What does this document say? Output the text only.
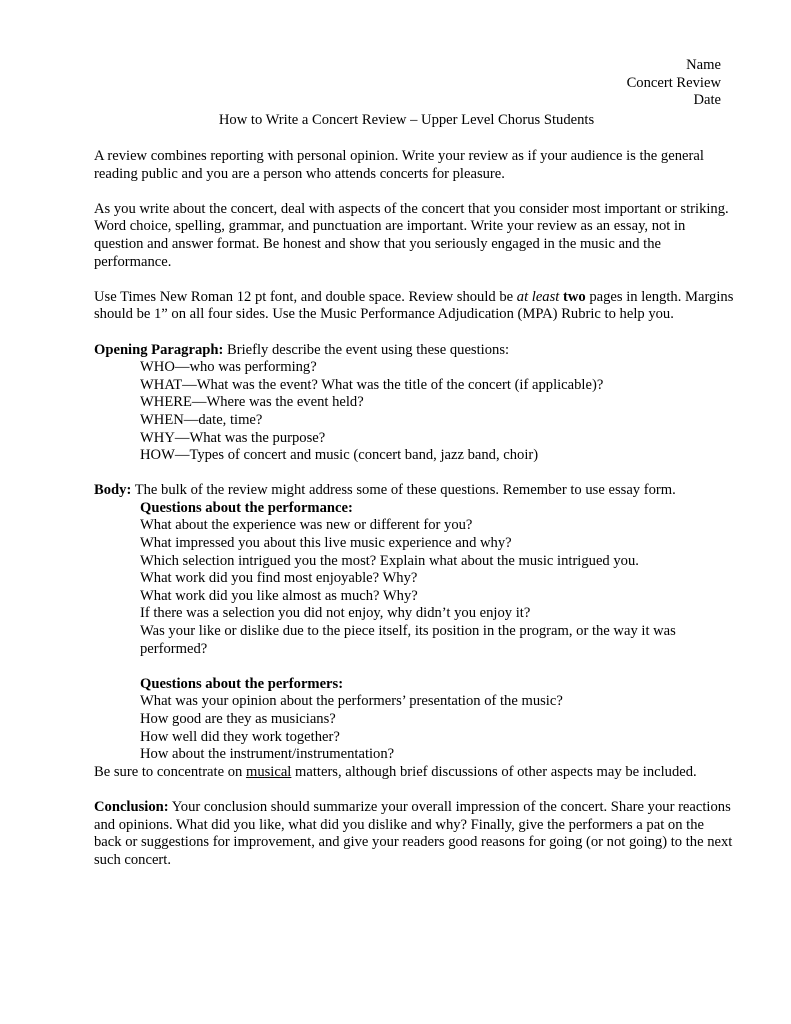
Name
Concert Review
Date
How to Write a Concert Review – Upper Level Chorus Students

A review combines reporting with personal opinion. Write your review as if your audience is the general reading public and you are a person who attends concerts for pleasure.

As you write about the concert, deal with aspects of the concert that you consider most important or striking. Word choice, spelling, grammar, and punctuation are important. Write your review as an essay, not in question and answer format. Be honest and show that you seriously engaged in the music and the performance.

Use Times New Roman 12 pt font, and double space. Review should be at least two pages in length. Margins should be 1” on all four sides. Use the Music Performance Adjudication (MPA) Rubric to help you.

Opening Paragraph: Briefly describe the event using these questions:

WHO—who was performing?

WHAT—What was the event? What was the title of the concert (if applicable)?

WHERE—Where was the event held?

WHEN—date, time?

WHY—What was the purpose?

HOW—Types of concert and music (concert band, jazz band, choir)

Body: The bulk of the review might address some of these questions. Remember to use essay form.

Questions about the performance:

What about the experience was new or different for you?

What impressed you about this live music experience and why?

Which selection intrigued you the most? Explain what about the music intrigued you.

What work did you find most enjoyable? Why?

What work did you like almost as much? Why?

If there was a selection you did not enjoy, why didn’t you enjoy it?

Was your like or dislike due to the piece itself, its position in the program, or the way it was performed?

Questions about the performers:

What was your opinion about the performers’ presentation of the music?

How good are they as musicians?

How well did they work together?

How about the instrument/instrumentation?

Be sure to concentrate on musical matters, although brief discussions of other aspects may be included.

Conclusion: Your conclusion should summarize your overall impression of the concert. Share your reactions and opinions. What did you like, what did you dislike and why? Finally, give the performers a pat on the back or suggestions for improvement, and give your readers good reasons for going (or not going) to the next such concert.
